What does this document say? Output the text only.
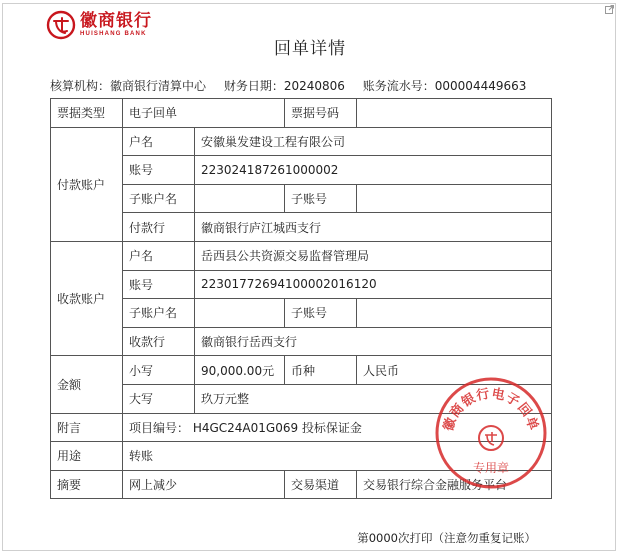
徽商银行
HUISHANG BANK
回单详情
核算机构：徽商银行清算中心 财务日期：20240806 账务流水号：000004449663
票据类型	电子回单		票据号码	
付款账户	户名	安徽巢发建设工程有限公司		
	账号	223024187261000002		
	子账户名		子账号	
	付款行	徽商银行庐江城西支行		
收款账户	户名	岳西县公共资源交易监督管理局		
	账号	22301772694100002016120		
	子账户名		子账号	
	收款行	徽商银行岳西支行		
金额	小写	90,000.00元	币种	人民币
	大写	玖万元整		
附言	项目编号： H4GC24A01G069 投标保证金			
用途	转账			
摘要	网上减少		交易渠道	交易银行综合金融服务平台
徽商银行电子回单
专用章
第0000次打印（注意勿重复记账）
